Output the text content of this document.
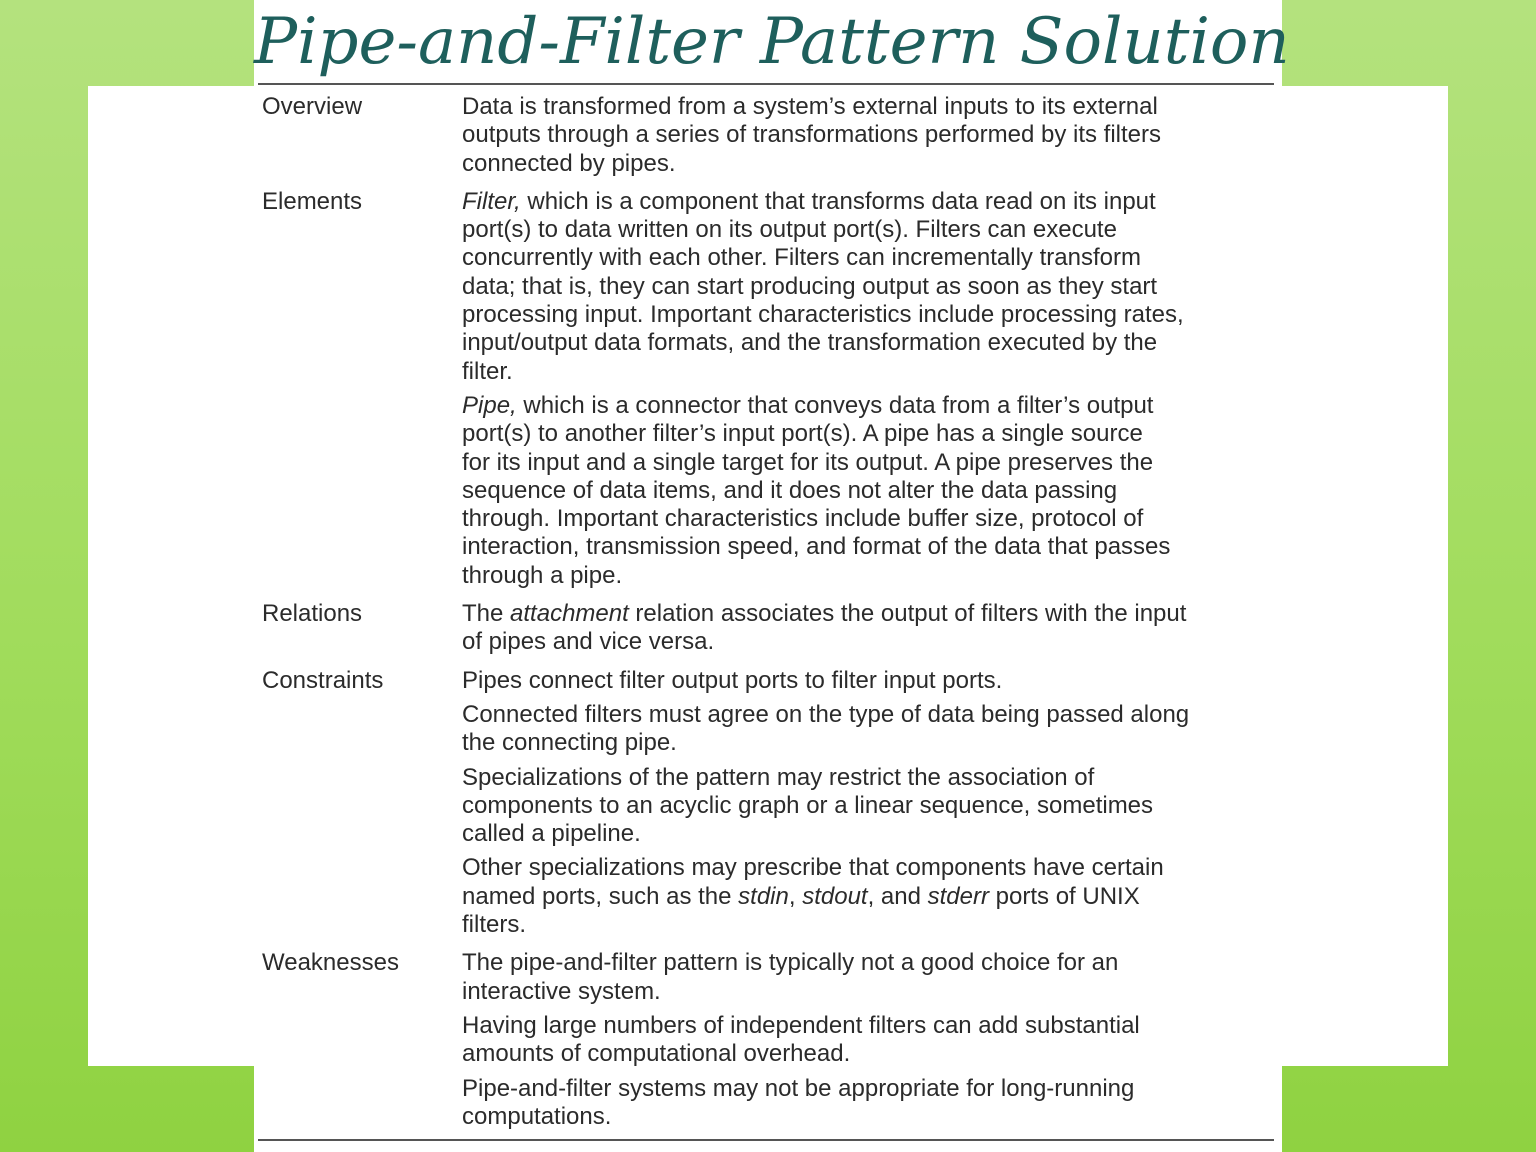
Pipe-and-Filter Pattern Solution
Overview	Data is transformed from a system’s external inputs to its external
outputs through a series of transformations performed by its filters
connected by pipes.
Elements	Filter, which is a component that transforms data read on its input
port(s) to data written on its output port(s). Filters can execute
concurrently with each other. Filters can incrementally transform
data; that is, they can start producing output as soon as they start
processing input. Important characteristics include processing rates,
input/output data formats, and the transformation executed by the
filter.
Pipe, which is a connector that conveys data from a filter’s output
port(s) to another filter’s input port(s). A pipe has a single source
for its input and a single target for its output. A pipe preserves the
sequence of data items, and it does not alter the data passing
through. Important characteristics include buffer size, protocol of
interaction, transmission speed, and format of the data that passes
through a pipe.
Relations	The attachment relation associates the output of filters with the input
of pipes and vice versa.
Constraints	Pipes connect filter output ports to filter input ports.
Connected filters must agree on the type of data being passed along
the connecting pipe.
Specializations of the pattern may restrict the association of
components to an acyclic graph or a linear sequence, sometimes
called a pipeline.
Other specializations may prescribe that components have certain
named ports, such as the stdin, stdout, and stderr ports of UNIX
filters.
Weaknesses	The pipe-and-filter pattern is typically not a good choice for an
interactive system.
Having large numbers of independent filters can add substantial
amounts of computational overhead.
Pipe-and-filter systems may not be appropriate for long-running
computations.
